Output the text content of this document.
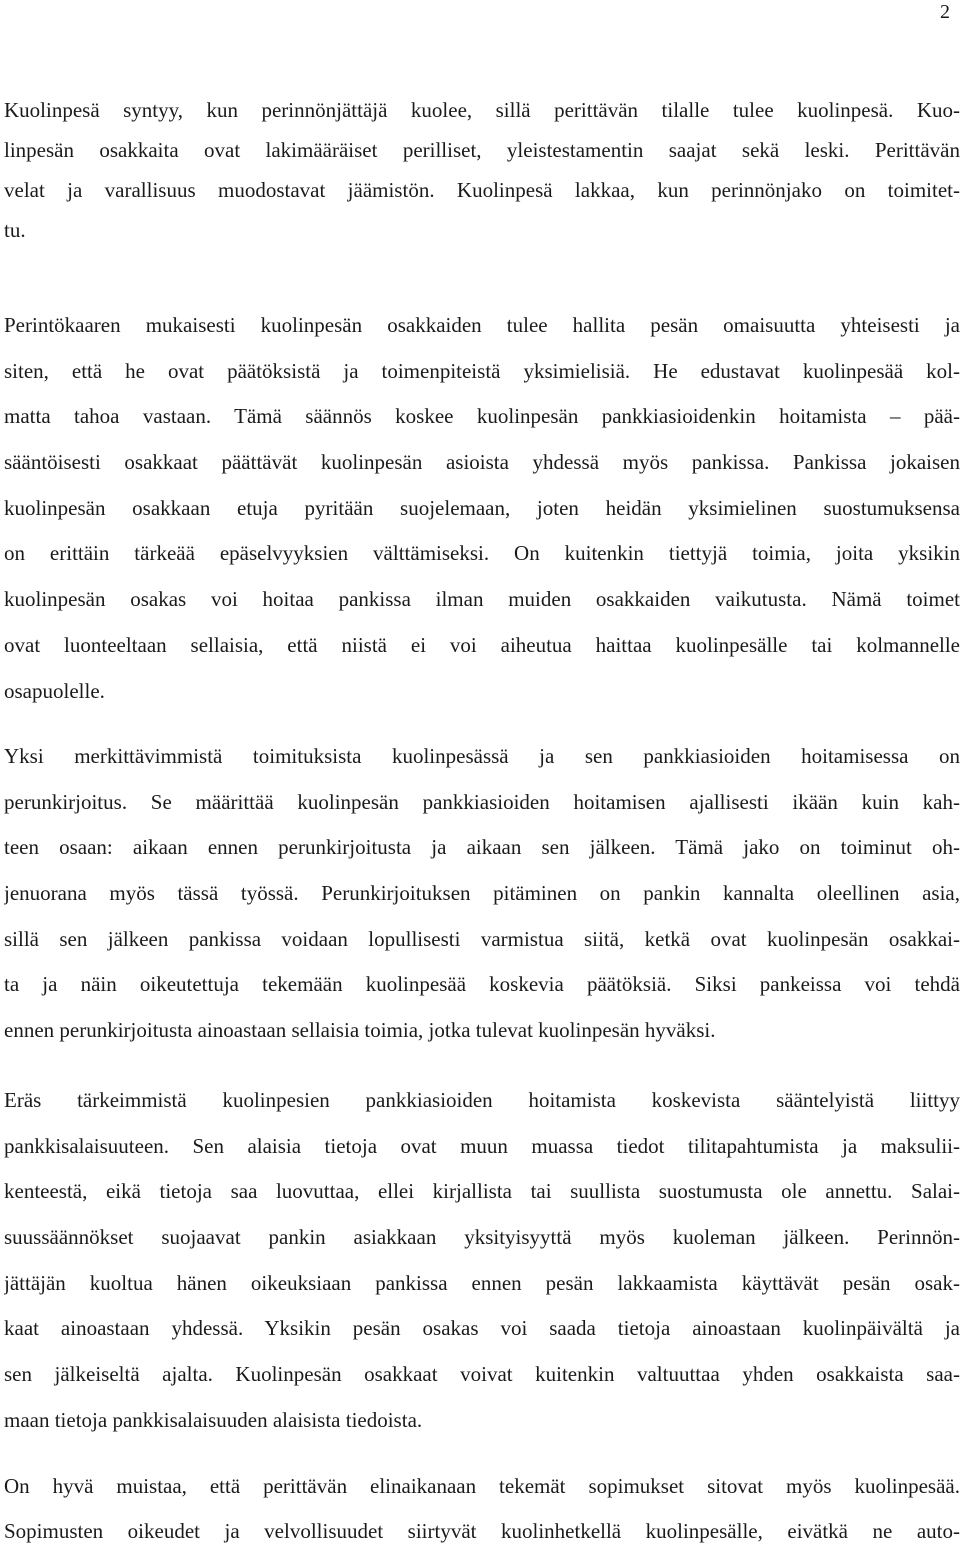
2

Kuolinpesä syntyy, kun perinnönjättäjä kuolee, sillä perittävän tilalle tulee kuolinpesä. Kuo-
linpesän osakkaita ovat lakimääräiset perilliset, yleistestamentin saajat sekä leski. Perittävän
velat ja varallisuus muodostavat jäämistön. Kuolinpesä lakkaa, kun perinnönjako on toimitet-
tu.

Perintökaaren mukaisesti kuolinpesän osakkaiden tulee hallita pesän omaisuutta yhteisesti ja
siten, että he ovat päätöksistä ja toimenpiteistä yksimielisiä. He edustavat kuolinpesää kol-
matta tahoa vastaan. Tämä säännös koskee kuolinpesän pankkiasioidenkin hoitamista – pää-
sääntöisesti osakkaat päättävät kuolinpesän asioista yhdessä myös pankissa. Pankissa jokaisen
kuolinpesän osakkaan etuja pyritään suojelemaan, joten heidän yksimielinen suostumuksensa
on erittäin tärkeää epäselvyyksien välttämiseksi. On kuitenkin tiettyjä toimia, joita yksikin
kuolinpesän osakas voi hoitaa pankissa ilman muiden osakkaiden vaikutusta. Nämä toimet
ovat luonteeltaan sellaisia, että niistä ei voi aiheutua haittaa kuolinpesälle tai kolmannelle
osapuolelle.

Yksi merkittävimmistä toimituksista kuolinpesässä ja sen pankkiasioiden hoitamisessa on
perunkirjoitus. Se määrittää kuolinpesän pankkiasioiden hoitamisen ajallisesti ikään kuin kah-
teen osaan: aikaan ennen perunkirjoitusta ja aikaan sen jälkeen. Tämä jako on toiminut oh-
jenuorana myös tässä työssä. Perunkirjoituksen pitäminen on pankin kannalta oleellinen asia,
sillä sen jälkeen pankissa voidaan lopullisesti varmistua siitä, ketkä ovat kuolinpesän osakkai-
ta ja näin oikeutettuja tekemään kuolinpesää koskevia päätöksiä. Siksi pankeissa voi tehdä
ennen perunkirjoitusta ainoastaan sellaisia toimia, jotka tulevat kuolinpesän hyväksi.

Eräs tärkeimmistä kuolinpesien pankkiasioiden hoitamista koskevista sääntelyistä liittyy
pankkisalaisuuteen. Sen alaisia tietoja ovat muun muassa tiedot tilitapahtumista ja maksulii-
kenteestä, eikä tietoja saa luovuttaa, ellei kirjallista tai suullista suostumusta ole annettu. Salai-
suussäännökset suojaavat pankin asiakkaan yksityisyyttä myös kuoleman jälkeen. Perinnön-
jättäjän kuoltua hänen oikeuksiaan pankissa ennen pesän lakkaamista käyttävät pesän osak-
kaat ainoastaan yhdessä. Yksikin pesän osakas voi saada tietoja ainoastaan kuolinpäivältä ja
sen jälkeiseltä ajalta. Kuolinpesän osakkaat voivat kuitenkin valtuuttaa yhden osakkaista saa-
maan tietoja pankkisalaisuuden alaisista tiedoista.

On hyvä muistaa, että perittävän elinaikanaan tekemät sopimukset sitovat myös kuolinpesää.
Sopimusten oikeudet ja velvollisuudet siirtyvät kuolinhetkellä kuolinpesälle, eivätkä ne auto-
